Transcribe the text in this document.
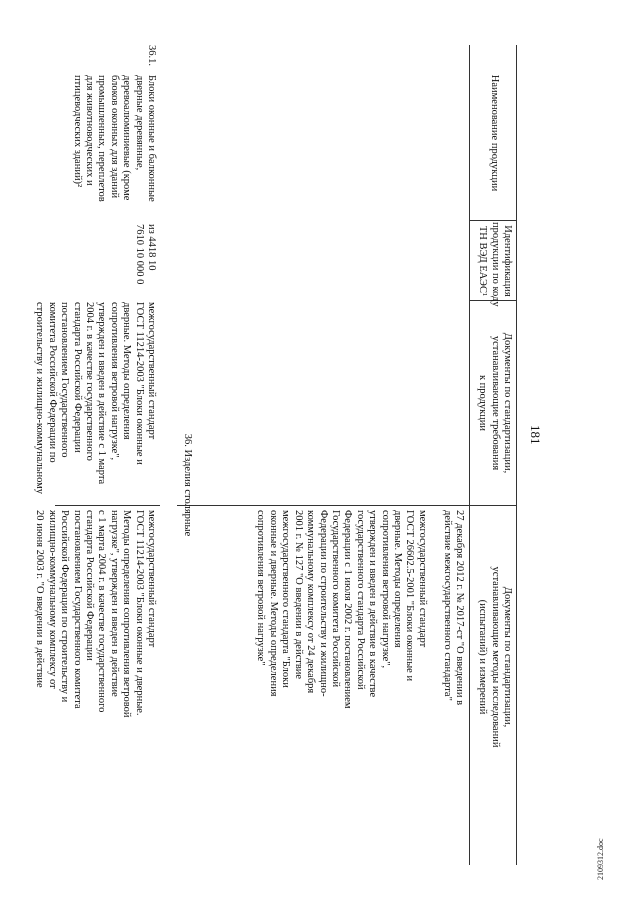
181
Наименование продукции
Идентификация
продукции по коду
ТН ВЭД ЕАЭС¹
Документы по стандартизации,
устанавливающие требования
к продукции
Документы по стандартизации,
устанавливающие методы исследований
(испытаний) и измерений
27 декабря 2012 г. № 2017-ст "О введении в
действие межгосударственного стандарта"

межгосударственный стандарт
ГОСТ 26602.5-2001 "Блоки оконные и
дверные. Методы определения
сопротивления ветровой нагрузке",
утвержден и введен в действие в качестве
государственного стандарта Российской
Федерации с 1 июля 2002 г. постановлением
Государственного комитета Российской
Федерации по строительству и жилищно-
коммунальному комплексу от 24 декабря
2001 г. № 127 "О введении в действие
межгосударственного стандарта "Блоки
оконные и дверные. Методы определения
сопротивления ветровой нагрузке"
36. Изделия столярные
36.1.
Блоки оконные и балконные
дверные деревянные,
деревоалюминиевые (кроме
блоков оконных для зданий
промышленных, переплетов
для животноводческих и
птицеводческих зданий)²
из 4418 10
7610 10 000 0
межгосударственный стандарт
ГОСТ 11214-2003 "Блоки оконные и
дверные. Методы определения
сопротивления ветровой нагрузке",
утвержден и введен в действие с 1 марта
2004 г. в качестве государственного
стандарта Российской Федерации
постановлением Государственного
комитета Российской Федерации по
строительству и жилищно-коммунальному
межгосударственный стандарт
ГОСТ 11214-2003 "Блоки оконные и дверные.
Методы определения сопротивления ветровой
нагрузке", утвержден и введен в действие
с 1 марта 2004 г. в качестве государственного
стандарта Российской Федерации
постановлением Государственного комитета
Российской Федерации по строительству и
жилищно-коммунальному комплексу от
20 июня 2003 г. "О введении в действие
2109312.doc
